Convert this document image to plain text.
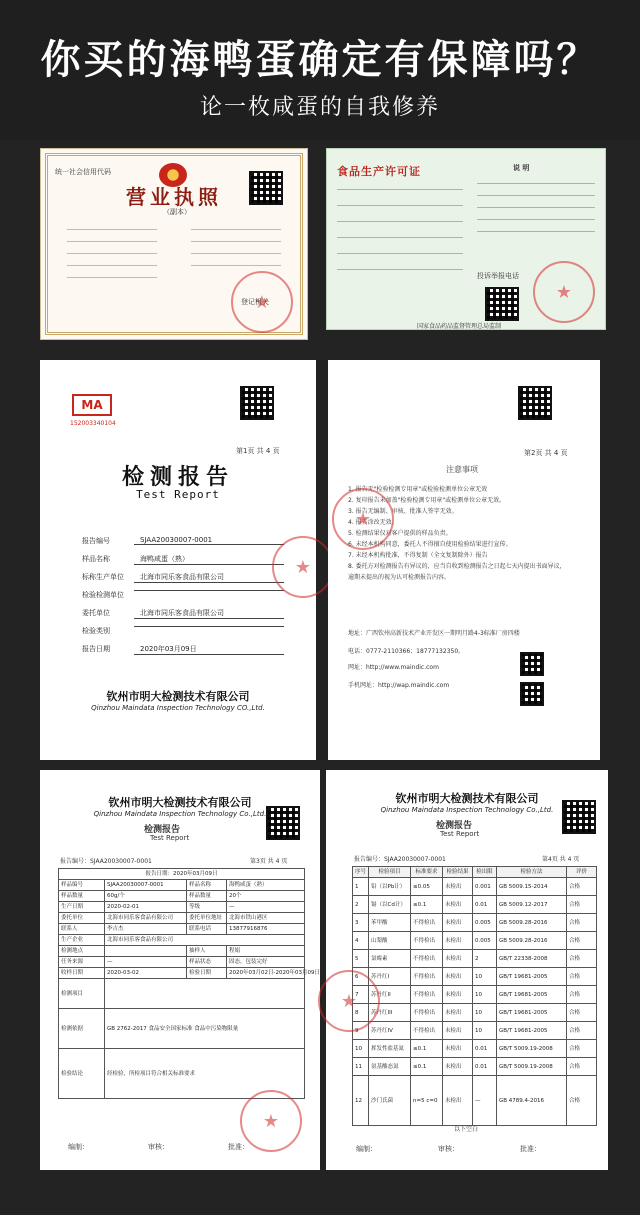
你买的海鸭蛋确定有保障吗？
论一枚咸蛋的自我修养
统一社会信用代码
营业执照
（副本）
★
登记机关
食品生产许可证	说 明
投诉举报电话
★
国家食品药品监督管理总局监制
MA
152003340104
第1页 共 4 页
检测报告
Test Report
报告编号	SJAA20030007-0001
样品名称	海鸭咸蛋（熟）
标称生产单位	北海市同乐客食品有限公司
检验检测单位
委托单位	北海市同乐客食品有限公司
检验类别
报告日期	2020年03月09日
★
钦州市明大检测技术有限公司
Qinzhou Maindata Inspection Technology CO.,Ltd.
第2页 共 4 页
注意事项
1. 报告无"检验检测专用章"或检验检测单位公章无效
2. 复印报告未加盖"检验检测专用章"或检测单位公章无效。
3. 报告无编制、审核、批准人签字无效。
4. 报告涂改无效。
5. 检测结果仅对客户提供的样品负责。
6. 未经本机构同意，委托人不得擅自使用检验结果进行宣传。
7. 未经本机构批准，不得复制（全文复制除外）报告
8. 委托方对检测报告有异议的，应当自收到检测报告之日起七天内提出书面异议，
逾期未提出的视为认可检测报告内容。
★
地址：广西钦州高新技术产业开发区一期明月路4-3标准厂房四楼
电话：0777-2110366；18777132350。
网址：http://www.maindic.com
手机网址：http://wap.maindic.com
钦州市明大检测技术有限公司
Qinzhou Maindata Inspection Technology Co.,Ltd.
检测报告
Test Report
报告编号：SJAA20030007-0001	第3页 共 4 页
报告日期：2020年03月09日			
样品编号	SJAA20030007-0001	样品名称	海鸭咸蛋（熟）
样品数量	60g/个	样品数量	20个
生产日期	2020-02-01	等级	—
委托单位	北海市同乐客食品有限公司	委托单位地址	北海市铁山港区
联系人	李吉杰	联系电话	13877916876
生产企业	北海市同乐客食品有限公司		
检测地点		抽样人	程娟
任务来源	—	样品状态	固态，包装完好
收样日期	2020-03-02	检验日期	2020年03月02日-2020年03月09日
检测项目			
检测依据	GB 2762-2017 食品安全国家标准 食品中污染物限量		
检验结论	经检验，所检项目符合相关标准要求		
★
编制：	审核：	批准：
钦州市明大检测技术有限公司
Qinzhou Maindata Inspection Technology Co.,Ltd.
检测报告
Test Report
报告编号：SJAA20030007-0001	第4页 共 4 页
序号	检验项目	标准要求	检验结果	检出限	检验方法	评价
1	铅（以Pb计）	≤0.05	未检出	0.001	GB 5009.15-2014	合格
2	镉（以Cd计）	≤0.1	未检出	0.01	GB 5009.12-2017	合格
3	苯甲酸	不得检出	未检出	0.005	GB 5009.28-2016	合格
4	山梨酸	不得检出	未检出	0.005	GB 5009.28-2016	合格
5	氯霉素	不得检出	未检出	2	GB/T 22338-2008	合格
6	苏丹红I	不得检出	未检出	10	GB/T 19681-2005	合格
7	苏丹红II	不得检出	未检出	10	GB/T 19681-2005	合格
8	苏丹红III	不得检出	未检出	10	GB/T 19681-2005	合格
9	苏丹红IV	不得检出	未检出	10	GB/T 19681-2005	合格
10	挥发性盐基氮	≤0.1	未检出	0.01	GB/T 5009.19-2008	合格
11	氨基酸态氮	≤0.1	未检出	0.01	GB/T 5009.19-2008	合格
12	沙门氏菌	n=5 c=0	未检出	—	GB 4789.4-2016	合格
以下空白
★
编制：	审核：	批准：
